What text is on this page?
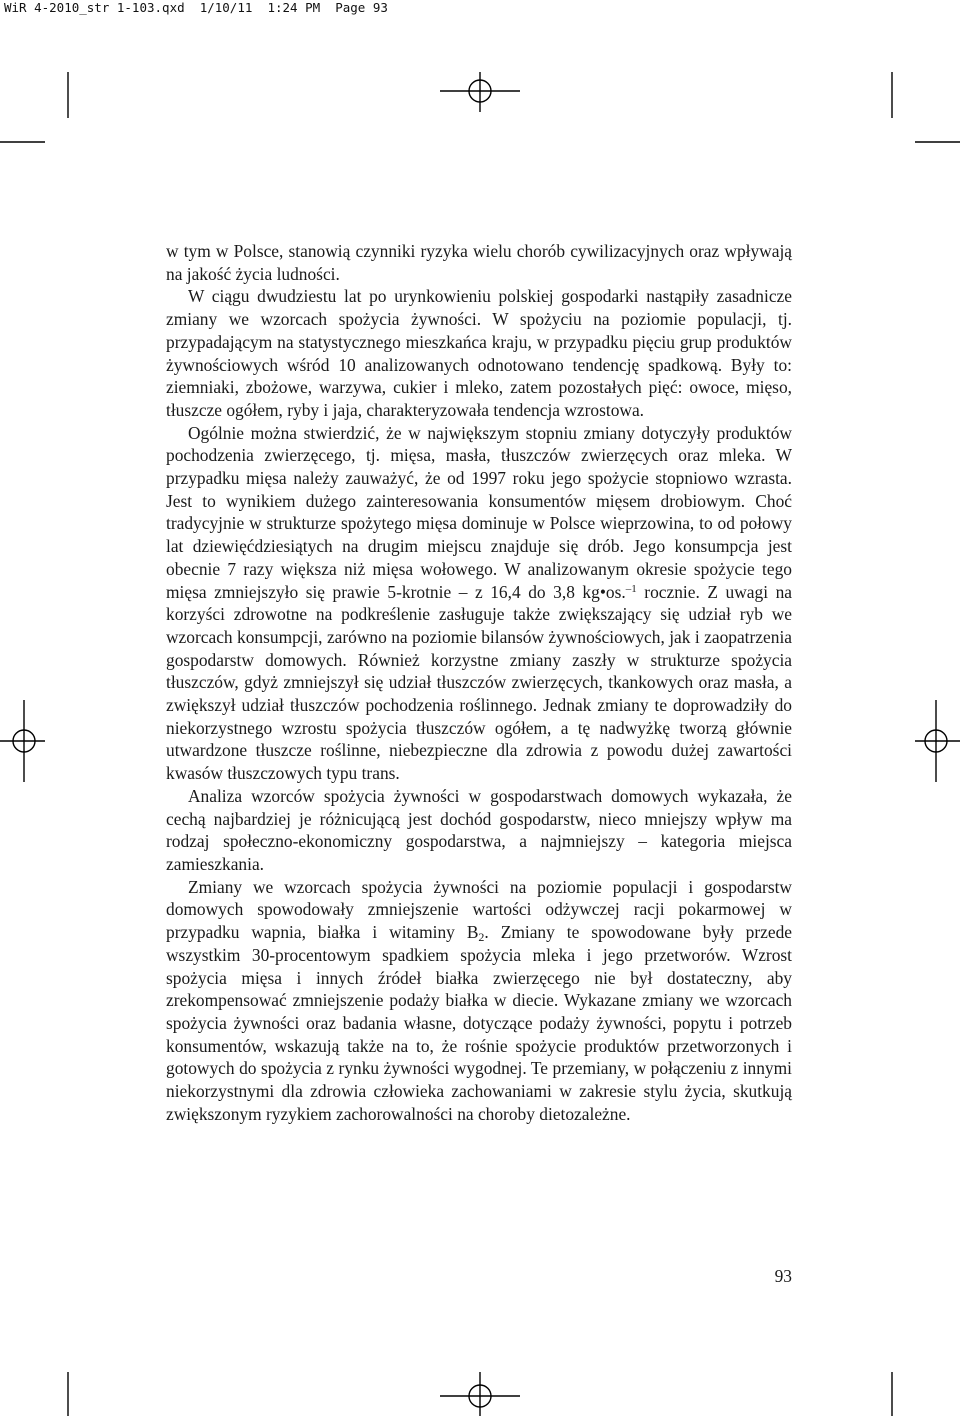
WiR 4-2010_str 1-103.qxd 1/10/11 1:24 PM Page 93

w tym w Polsce, stanowią czynniki ryzyka wielu chorób cywilizacyjnych oraz wpływają na jakość życia ludności.

W ciągu dwudziestu lat po urynkowieniu polskiej gospodarki nastąpiły zasadnicze zmiany we wzorcach spożycia żywności. W spożyciu na poziomie populacji, tj. przypadającym na statystycznego mieszkańca kraju, w przypadku pięciu grup produktów żywnościowych wśród 10 analizowanych odnotowano tendencję spadkową. Były to: ziemniaki, zbożowe, warzywa, cukier i mleko, zatem pozostałych pięć: owoce, mięso, tłuszcze ogółem, ryby i jaja, charakteryzowała tendencja wzrostowa.

Ogólnie można stwierdzić, że w największym stopniu zmiany dotyczyły produktów pochodzenia zwierzęcego, tj. mięsa, masła, tłuszczów zwierzęcych oraz mleka. W przypadku mięsa należy zauważyć, że od 1997 roku jego spożycie stopniowo wzrasta. Jest to wynikiem dużego zainteresowania konsumentów mięsem drobiowym. Choć tradycyjnie w strukturze spożytego mięsa dominuje w Polsce wieprzowina, to od połowy lat dziewięćdziesiątych na drugim miejscu znajduje się drób. Jego konsumpcja jest obecnie 7 razy większa niż mięsa wołowego. W analizowanym okresie spożycie tego mięsa zmniejszyło się prawie 5-krotnie – z 16,4 do 3,8 kg•os.$^{-1}$ rocznie. Z uwagi na korzyści zdrowotne na podkreślenie zasługuje także zwiększający się udział ryb we wzorcach konsumpcji, zarówno na poziomie bilansów żywnościowych, jak i zaopatrzenia gospodarstw domowych. Również korzystne zmiany zaszły w strukturze spożycia tłuszczów, gdyż zmniejszył się udział tłuszczów zwierzęcych, tkankowych oraz masła, a zwiększył udział tłuszczów pochodzenia roślinnego. Jednak zmiany te doprowadziły do niekorzystnego wzrostu spożycia tłuszczów ogółem, a tę nadwyżkę tworzą głównie utwardzone tłuszcze roślinne, niebezpieczne dla zdrowia z powodu dużej zawartości kwasów tłuszczowych typu trans.

Analiza wzorców spożycia żywności w gospodarstwach domowych wykazała, że cechą najbardziej je różnicującą jest dochód gospodarstw, nieco mniejszy wpływ ma rodzaj społeczno-ekonomiczny gospodarstwa, a najmniejszy – kategoria miejsca zamieszkania.

Zmiany we wzorcach spożycia żywności na poziomie populacji i gospodarstw domowych spowodowały zmniejszenie wartości odżywczej racji pokarmowej w przypadku wapnia, białka i witaminy $B_2$. Zmiany te spowodowane były przede wszystkim 30-procentowym spadkiem spożycia mleka i jego przetworów. Wzrost spożycia mięsa i innych źródeł białka zwierzęcego nie był dostateczny, aby zrekompensować zmniejszenie podaży białka w diecie. Wykazane zmiany we wzorcach spożycia żywności oraz badania własne, dotyczące podaży żywności, popytu i potrzeb konsumentów, wskazują także na to, że rośnie spożycie produktów przetworzonych i gotowych do spożycia z rynku żywności wygodnej. Te przemiany, w połączeniu z innymi niekorzystnymi dla zdrowia człowieka zachowaniami w zakresie stylu życia, skutkują zwiększonym ryzykiem zachorowalności na choroby dietozależne.

93
